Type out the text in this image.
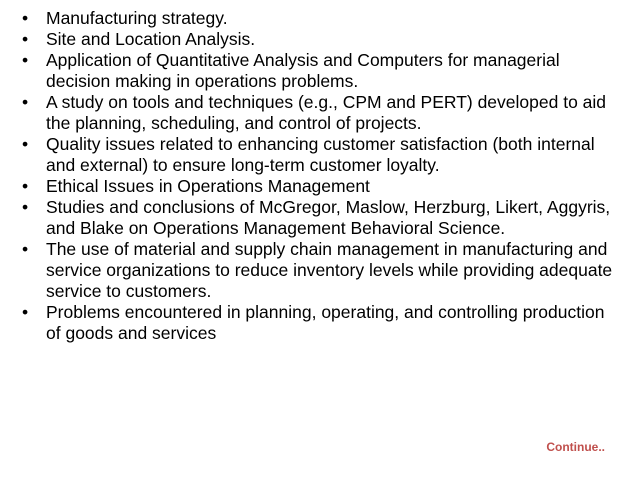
•	Manufacturing strategy.
•	Site and Location Analysis.
•	Application of Quantitative Analysis and Computers for managerial decision making in operations problems.
•	A study on tools and techniques (e.g., CPM and PERT) developed to aid the planning, scheduling, and control of projects.
•	Quality issues related to enhancing customer satisfaction (both internal and external) to ensure long-term customer loyalty.
•	Ethical Issues in Operations Management
•	Studies and conclusions of McGregor, Maslow, Herzburg, Likert, Aggyris, and Blake on Operations Management Behavioral Science.
•	The use of material and supply chain management in manufacturing and service organizations to reduce inventory levels while providing adequate service to customers.
•	Problems encountered in planning, operating, and controlling production of goods and services
Continue..
